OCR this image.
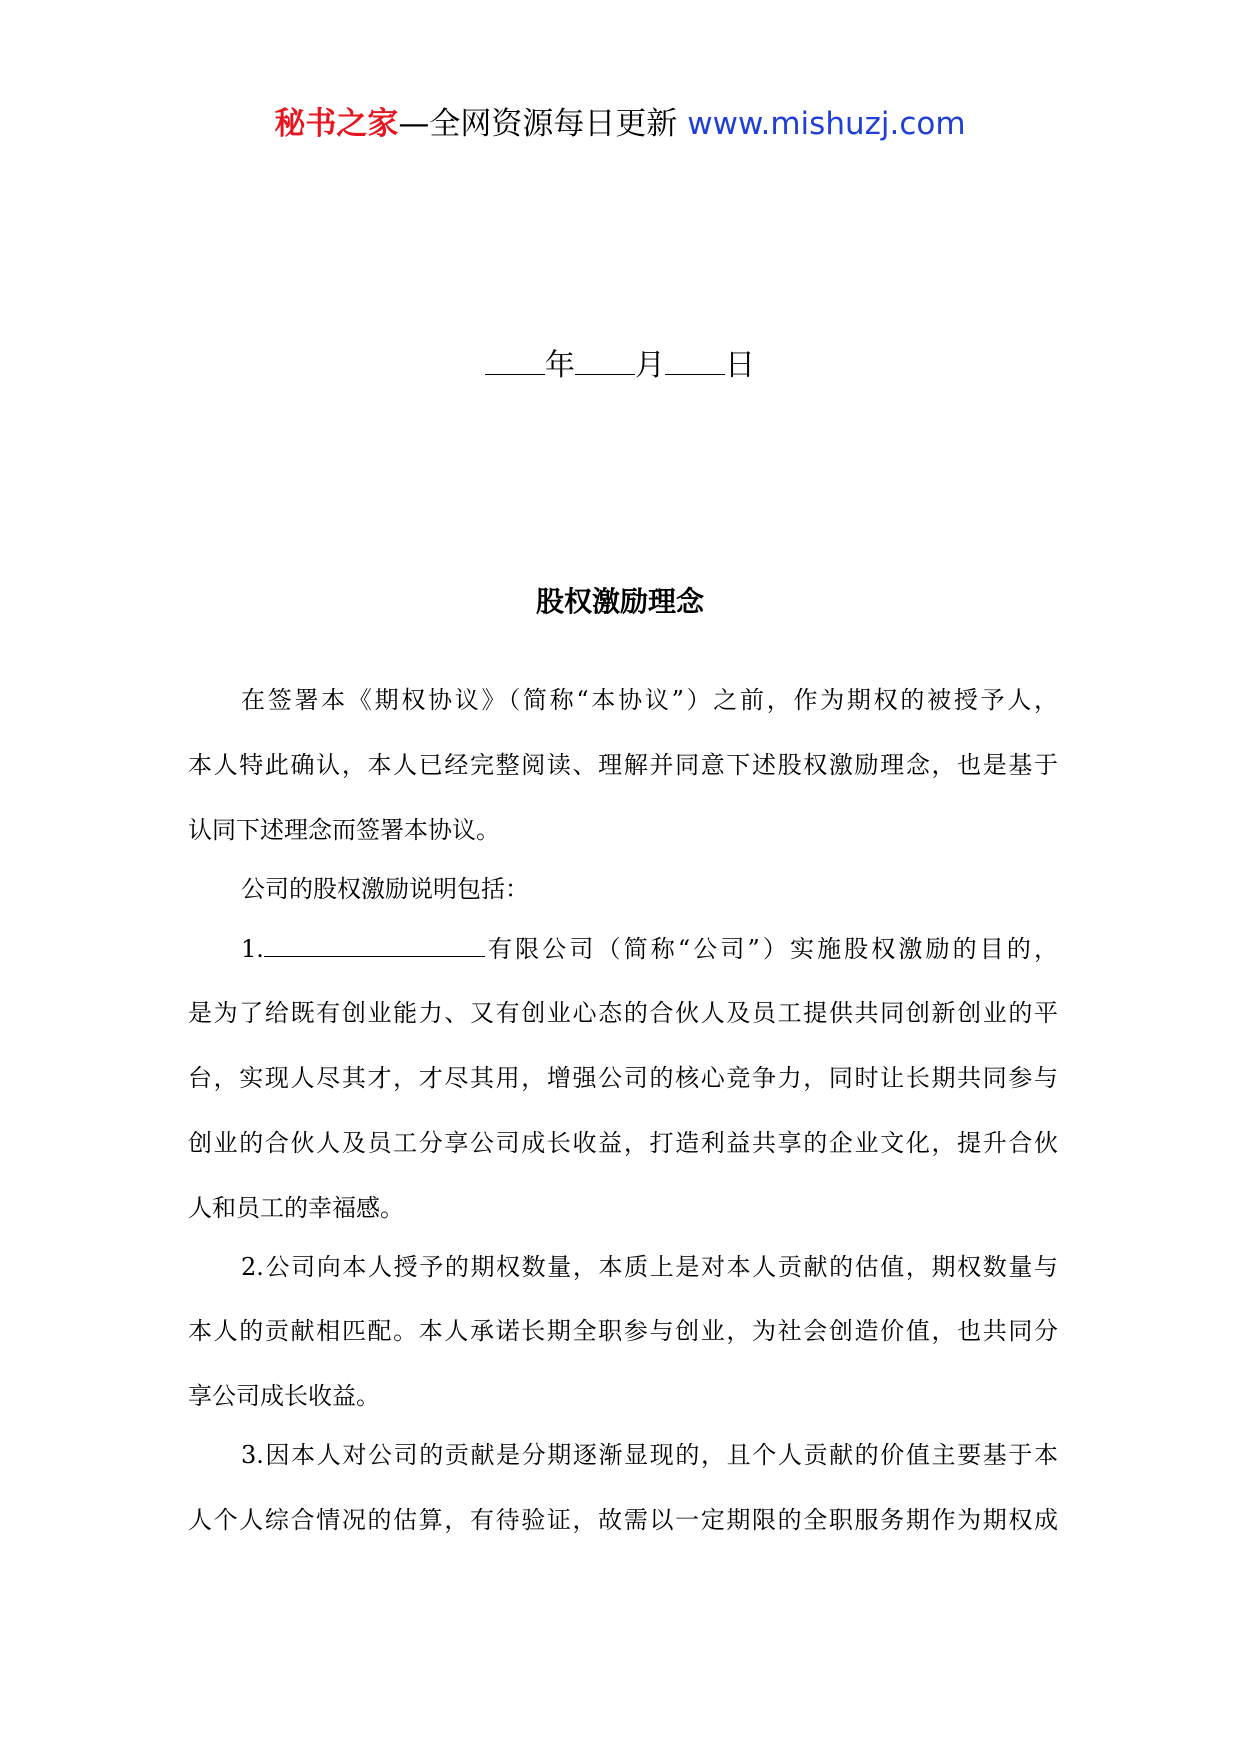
秘书之家—全网资源每日更新 www.mishuzj.com
年 月 日
股权激励理念
在签署本《期权协议》（简称“本协议”）之前，作为期权的被授予人，
本人特此确认，本人已经完整阅读、理解并同意下述股权激励理念，也是基于
认同下述理念而签署本协议。
公司的股权激励说明包括：
1.	有限公司（简称“公司”）实施股权激励的目的，
是为了给既有创业能力、又有创业心态的合伙人及员工提供共同创新创业的平
台，实现人尽其才，才尽其用，增强公司的核心竞争力，同时让长期共同参与
创业的合伙人及员工分享公司成长收益，打造利益共享的企业文化，提升合伙
人和员工的幸福感。
2.公司向本人授予的期权数量，本质上是对本人贡献的估值，期权数量与
本人的贡献相匹配。本人承诺长期全职参与创业，为社会创造价值，也共同分
享公司成长收益。
3.因本人对公司的贡献是分期逐渐显现的，且个人贡献的价值主要基于本
人个人综合情况的估算，有待验证，故需以一定期限的全职服务期作为期权成
